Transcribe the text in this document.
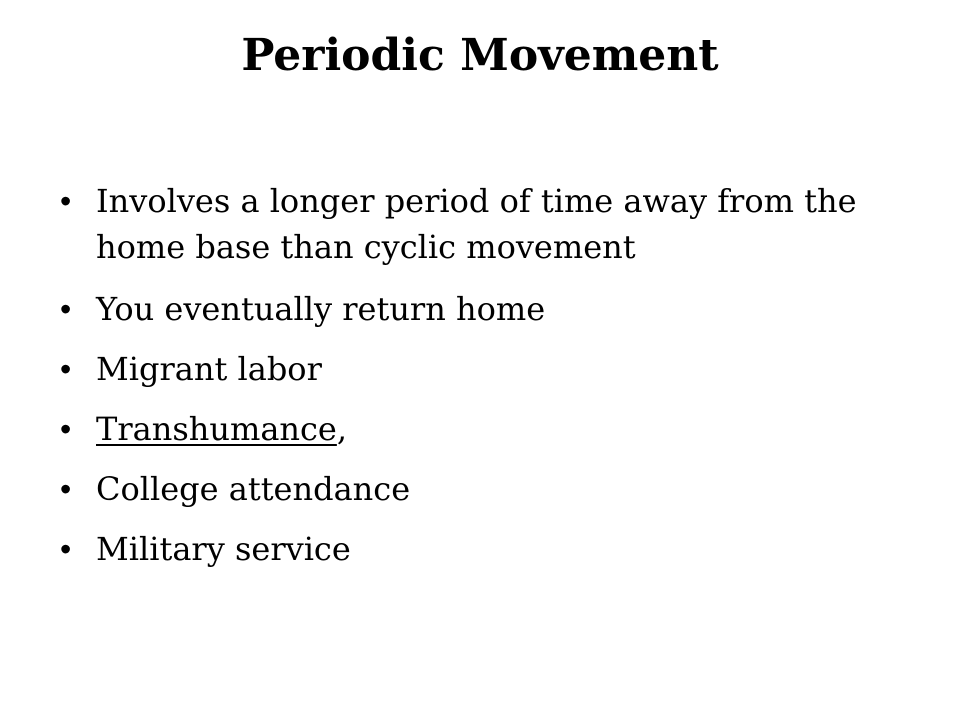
Periodic Movement
• Involves a longer period of time away from the home base than cyclic movement
• You eventually return home
• Migrant labor
• Transhumance,
• College attendance
• Military service
